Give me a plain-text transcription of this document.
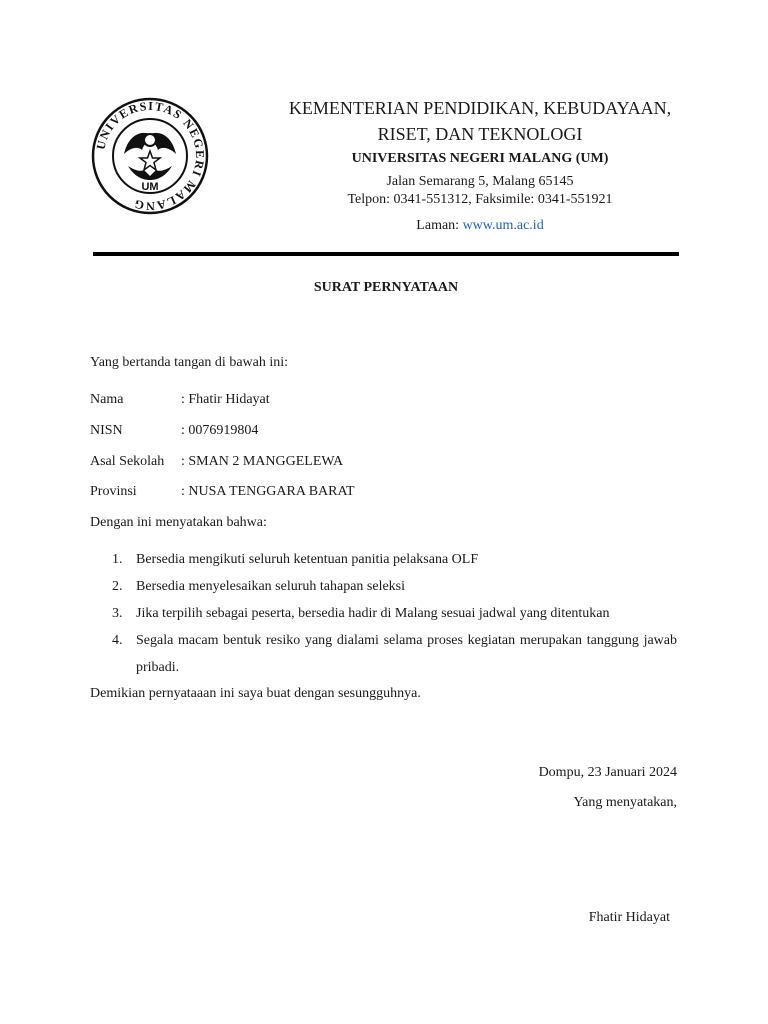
UNIVERSITAS NEGERI MALANG
UM
KEMENTERIAN PENDIDIKAN, KEBUDAYAAN,
RISET, DAN TEKNOLOGI
UNIVERSITAS NEGERI MALANG (UM)
Jalan Semarang 5, Malang 65145
Telpon: 0341-551312, Faksimile: 0341-551921
Laman: www.um.ac.id
SURAT PERNYATAAN
Yang bertanda tangan di bawah ini:
Nama	: Fhatir Hidayat
NISN	: 0076919804
Asal Sekolah : SMAN 2 MANGGELEWA
Provinsi	: NUSA TENGGARA BARAT
Dengan ini menyatakan bahwa:
1. Bersedia mengikuti seluruh ketentuan panitia pelaksana OLF
2. Bersedia menyelesaikan seluruh tahapan seleksi
3. Jika terpilih sebagai peserta, bersedia hadir di Malang sesuai jadwal yang ditentukan
4. Segala macam bentuk resiko yang dialami selama proses kegiatan merupakan tanggung jawab pribadi.
Demikian pernyataaan ini saya buat dengan sesungguhnya.
Dompu, 23 Januari 2024
Yang menyatakan,
Fhatir Hidayat
